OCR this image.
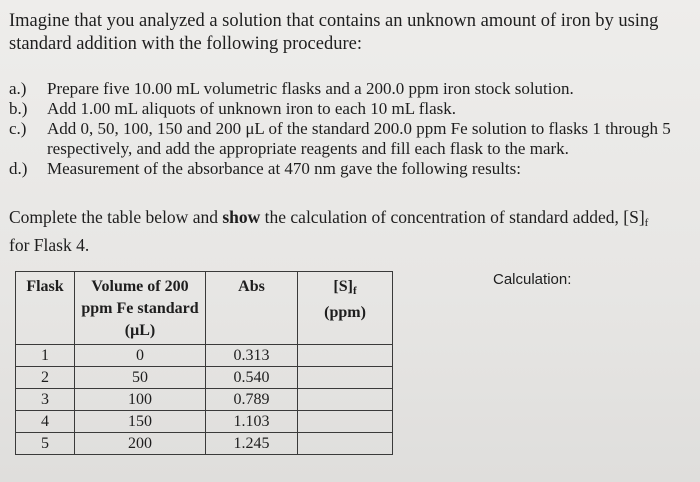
Imagine that you analyzed a solution that contains an unknown amount of iron by using standard addition with the following procedure:
a.)	Prepare five 10.00 mL volumetric flasks and a 200.0 ppm iron stock solution.
b.)	Add 1.00 mL aliquots of unknown iron to each 10 mL flask.
c.)	Add 0, 50, 100, 150 and 200 μL of the standard 200.0 ppm Fe solution to flasks 1 through 5 respectively, and add the appropriate reagents and fill each flask to the mark.
d.)	Measurement of the absorbance at 470 nm gave the following results:
Complete the table below and show the calculation of concentration of standard added, $[S]_f$
for Flask 4.
Flask	Volume of 200 ppm Fe standard (μL)	Abs	$[S]_f$
(ppm)
1	0	0.313	
2	50	0.540	
3	100	0.789	
4	150	1.103	
5	200	1.245	
Calculation:
